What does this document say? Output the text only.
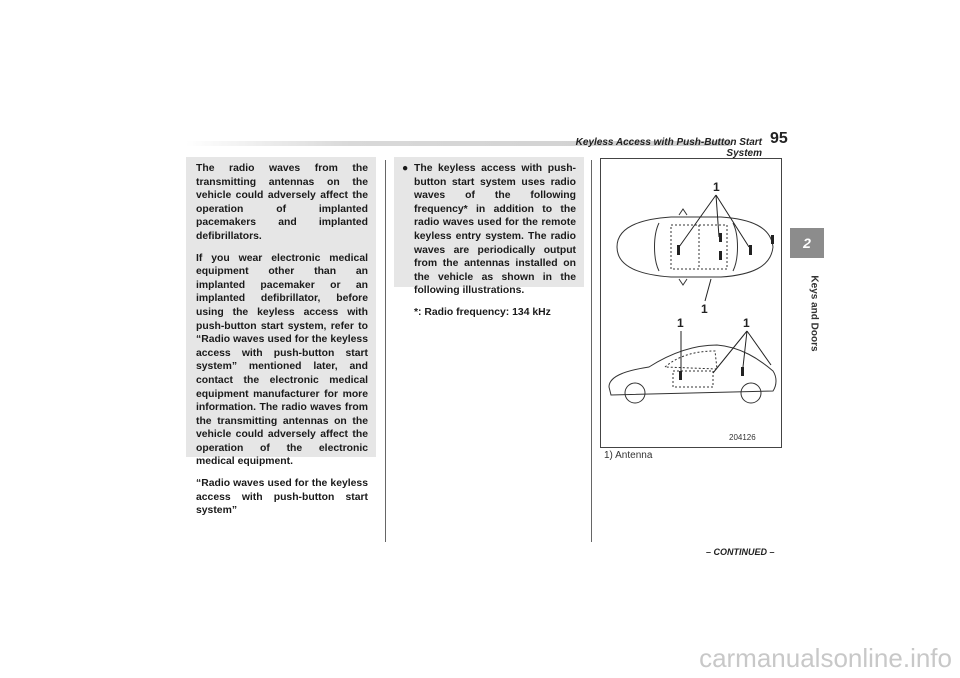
Keyless Access with Push-Button Start System
95
2
Keys and Doors

The radio waves from the transmitting antennas on the vehicle could adversely affect the operation of implanted pacemakers and implanted defibrillators.

If you wear electronic medical equipment other than an implanted pacemaker or an implanted defibrillator, before using the keyless access with push-button start system, refer to “Radio waves used for the keyless access with push-button start system” mentioned later, and contact the electronic medical equipment manufacturer for more information. The radio waves from the transmitting antennas on the vehicle could adversely affect the operation of the electronic medical equipment.

“Radio waves used for the keyless access with push-button start system”

● The keyless access with push-button start system uses radio waves of the following frequency* in addition to the radio waves used for the remote keyless entry system. The radio waves are periodically output from the antennas installed on the vehicle as shown in the following illustrations.

*: Radio frequency: 134 kHz

1
1
1	1
204126
1) Antenna
– CONTINUED –
carmanualsonline.info
